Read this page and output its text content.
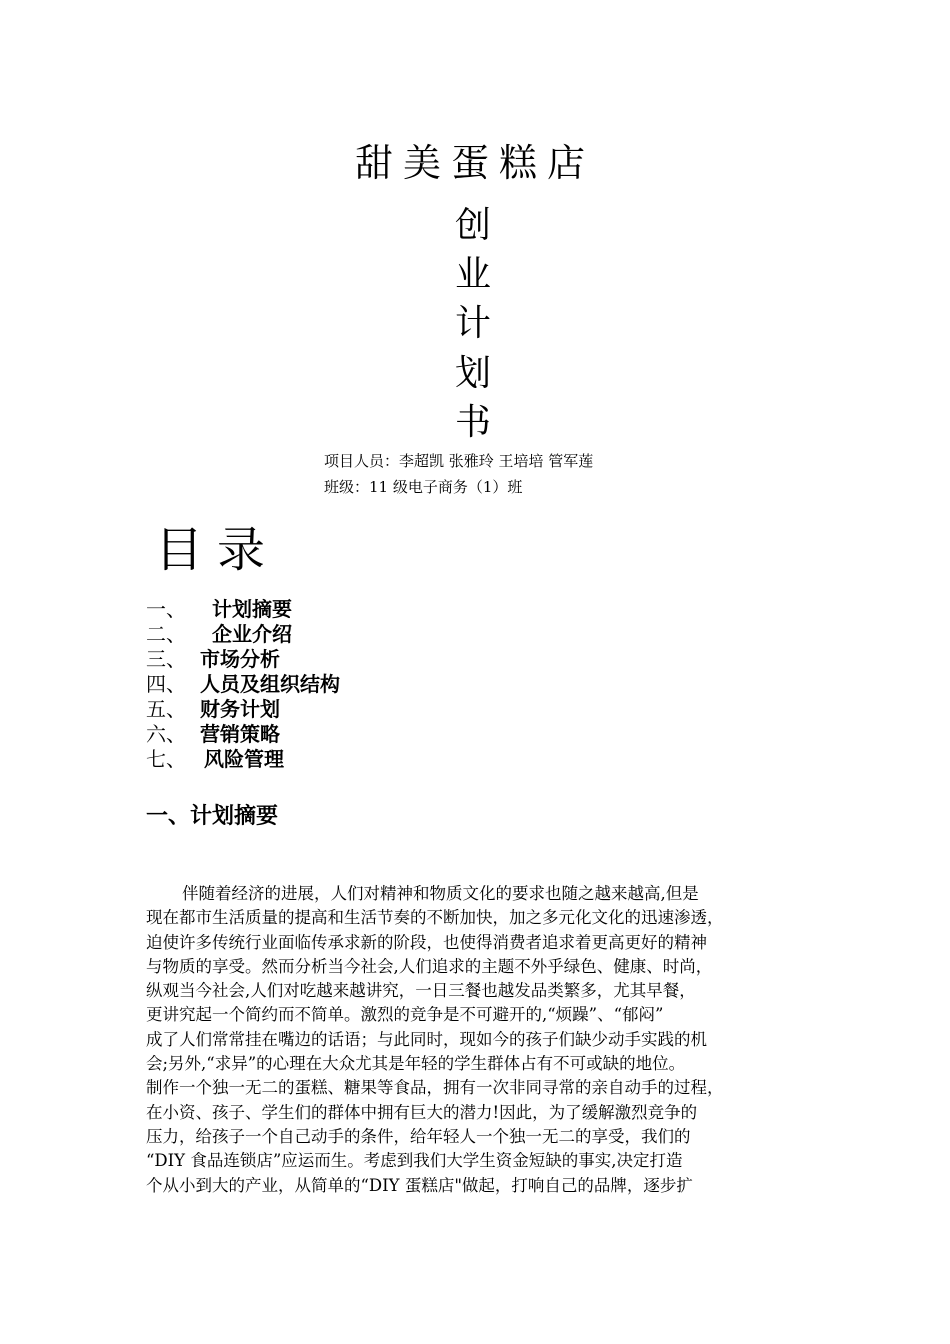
甜美蛋糕店
创
业
计
划
书
项目人员：李超凯 张雅玲 王培培 管军莲
班级：11 级电子商务（1）班
目录
一、 计划摘要
二、 企业介绍
三、 市场分析
四、 人员及组织结构
五、 财务计划
六、 营销策略
七、 风险管理
一、计划摘要
伴随着经济的进展，人们对精神和物质文化的要求也随之越来越高,但是
现在都市生活质量的提高和生活节奏的不断加快，加之多元化文化的迅速渗透，
迫使许多传统行业面临传承求新的阶段，也使得消费者追求着更高更好的精神
与物质的享受。然而分析当今社会,人们追求的主题不外乎绿色、健康、时尚，
纵观当今社会,人们对吃越来越讲究，一日三餐也越发品类繁多，尤其早餐，
更讲究起一个简约而不简单。激烈的竞争是不可避开的,“烦躁”、“郁闷”
成了人们常常挂在嘴边的话语；与此同时，现如今的孩子们缺少动手实践的机
会;另外,“求异”的心理在大众尤其是年轻的学生群体占有不可或缺的地位。
制作一个独一无二的蛋糕、糖果等食品，拥有一次非同寻常的亲自动手的过程，
在小资、孩子、学生们的群体中拥有巨大的潜力!因此，为了缓解激烈竞争的
压力，给孩子一个自己动手的条件，给年轻人一个独一无二的享受，我们的
“DIY 食品连锁店”应运而生。考虑到我们大学生资金短缺的事实,决定打造
个从小到大的产业，从简单的“DIY 蛋糕店"做起，打响自己的品牌，逐步扩
